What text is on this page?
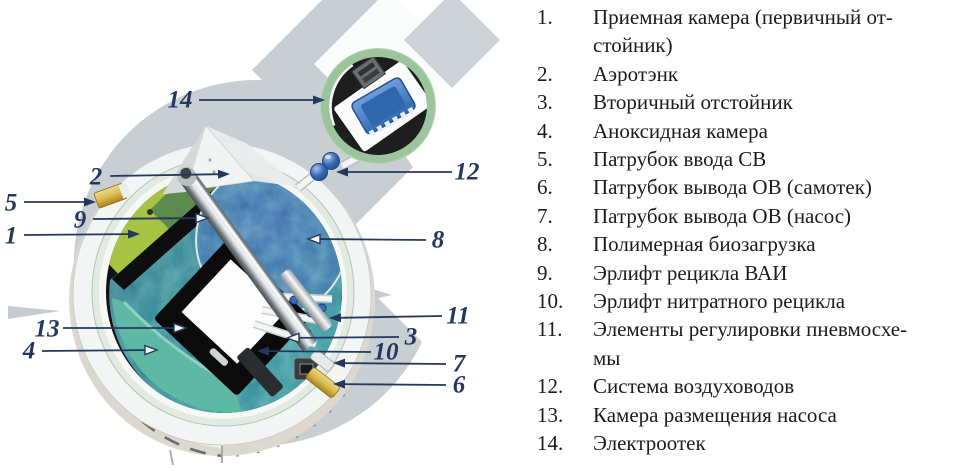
1
2
3
4
5
6
7
8
9
10
11
12
13
14
1.	Приемная камера (первичный от-
стойник)
2.	Аэротэнк
3.	Вторичный отстойник
4.	Аноксидная камера
5.	Патрубок ввода СВ
6.	Патрубок вывода ОВ (самотек)
7.	Патрубок вывода ОВ (насос)
8.	Полимерная биозагрузка
9.	Эрлифт рецикла ВАИ
10.	Эрлифт нитратного рецикла
11.	Элементы регулировки пневмосхе-
мы
12.	Система воздуховодов
13.	Камера размещения насоса
14.	Электроотек
